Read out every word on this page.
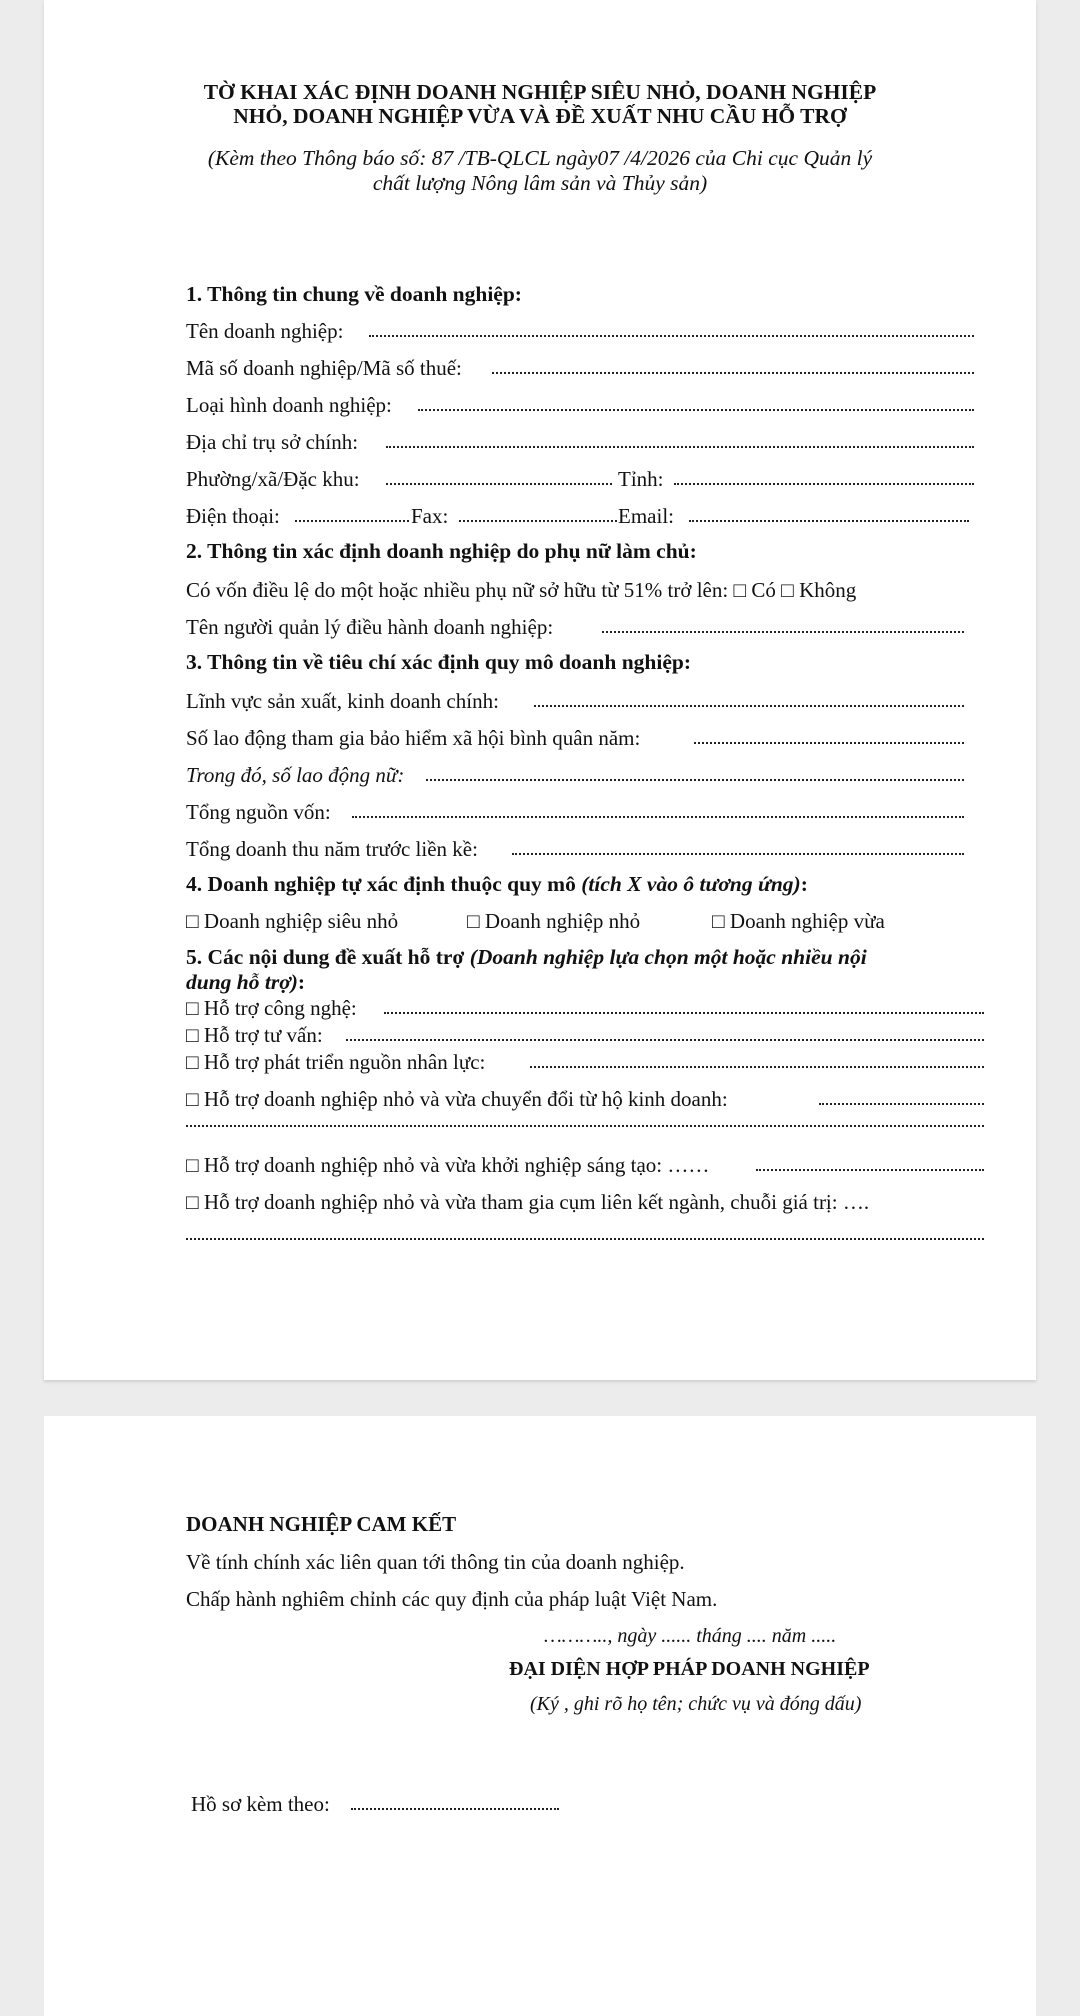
TỜ KHAI XÁC ĐỊNH DOANH NGHIỆP SIÊU NHỎ, DOANH NGHIỆP
NHỎ, DOANH NGHIỆP VỪA VÀ ĐỀ XUẤT NHU CẦU HỖ TRỢ
(Kèm theo Thông báo số: 87 /TB-QLCL ngày07 /4/2026 của Chi cục Quản lý
chất lượng Nông lâm sản và Thủy sản)
1. Thông tin chung về doanh nghiệp:
Tên doanh nghiệp:
Mã số doanh nghiệp/Mã số thuế:
Loại hình doanh nghiệp:
Địa chỉ trụ sở chính:
Phường/xã/Đặc khu:	Tỉnh:
Điện thoại:	Fax:	Email:
2. Thông tin xác định doanh nghiệp do phụ nữ làm chủ:
Có vốn điều lệ do một hoặc nhiều phụ nữ sở hữu từ 51% trở lên: □ Có □ Không
Tên người quản lý điều hành doanh nghiệp:
3. Thông tin về tiêu chí xác định quy mô doanh nghiệp:
Lĩnh vực sản xuất, kinh doanh chính:
Số lao động tham gia bảo hiểm xã hội bình quân năm:
Trong đó, số lao động nữ:
Tổng nguồn vốn:
Tổng doanh thu năm trước liền kề:
4. Doanh nghiệp tự xác định thuộc quy mô (tích X vào ô tương ứng):
□ Doanh nghiệp siêu nhỏ	□ Doanh nghiệp nhỏ	□ Doanh nghiệp vừa
5. Các nội dung đề xuất hỗ trợ (Doanh nghiệp lựa chọn một hoặc nhiều nội
dung hỗ trợ):
□ Hỗ trợ công nghệ:
□ Hỗ trợ tư vấn:
□ Hỗ trợ phát triển nguồn nhân lực:
□ Hỗ trợ doanh nghiệp nhỏ và vừa chuyển đổi từ hộ kinh doanh:
□ Hỗ trợ doanh nghiệp nhỏ và vừa khởi nghiệp sáng tạo: ……
□ Hỗ trợ doanh nghiệp nhỏ và vừa tham gia cụm liên kết ngành, chuỗi giá trị: ….
DOANH NGHIỆP CAM KẾT
Về tính chính xác liên quan tới thông tin của doanh nghiệp.
Chấp hành nghiêm chỉnh các quy định của pháp luật Việt Nam.
……….., ngày ...... tháng .... năm .....
ĐẠI DIỆN HỢP PHÁP DOANH NGHIỆP
(Ký , ghi rõ họ tên; chức vụ và đóng dấu)
Hồ sơ kèm theo:
